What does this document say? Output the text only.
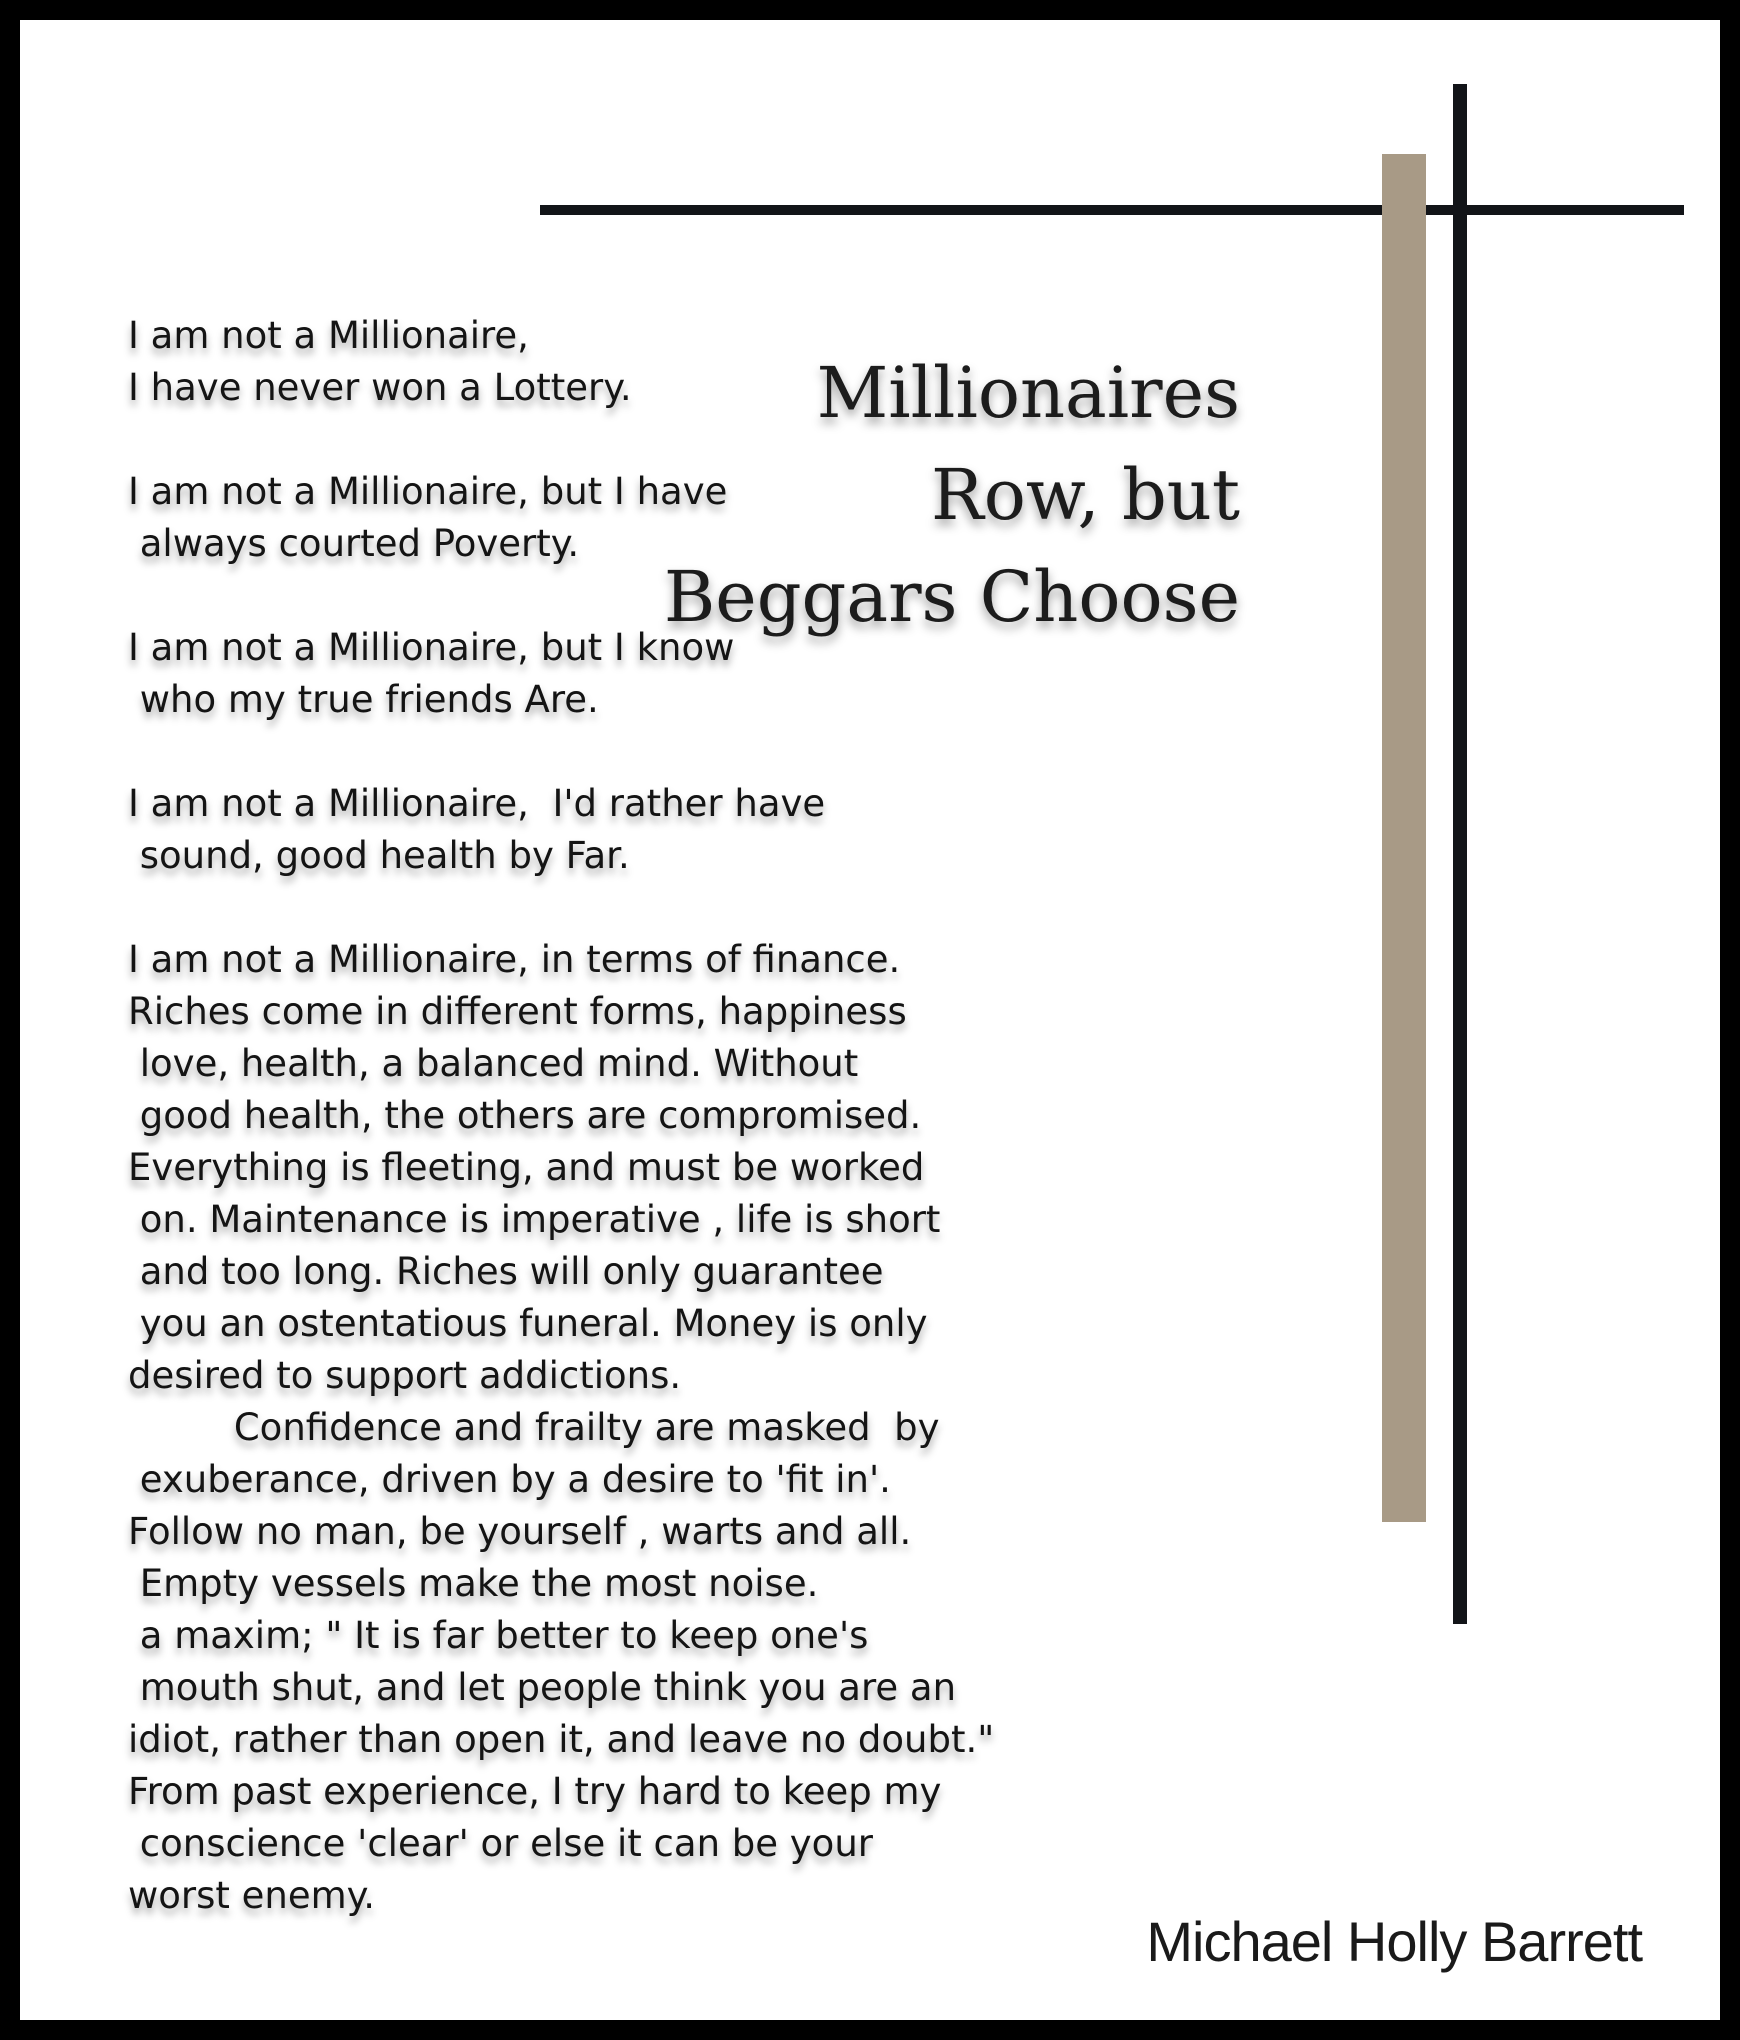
Millionaires
Row, but
Beggars Choose
I am not a Millionaire,
I have never won a Lottery.
I am not a Millionaire, but I have
always courted Poverty.
I am not a Millionaire, but I know
who my true friends Are.
I am not a Millionaire,  I'd rather have
sound, good health by Far.
I am not a Millionaire, in terms of finance.
Riches come in different forms, happiness
love, health, a balanced mind. Without
good health, the others are compromised.
Everything is fleeting, and must be worked
on. Maintenance is imperative , life is short
and too long. Riches will only guarantee
you an ostentatious funeral. Money is only
desired to support addictions.
Confidence and frailty are masked  by
exuberance, driven by a desire to 'fit in'.
Follow no man, be yourself , warts and all.
Empty vessels make the most noise.
a maxim; " It is far better to keep one's
mouth shut, and let people think you are an
idiot, rather than open it, and leave no doubt."
From past experience, I try hard to keep my
conscience 'clear' or else it can be your
worst enemy.
Michael Holly Barrett
